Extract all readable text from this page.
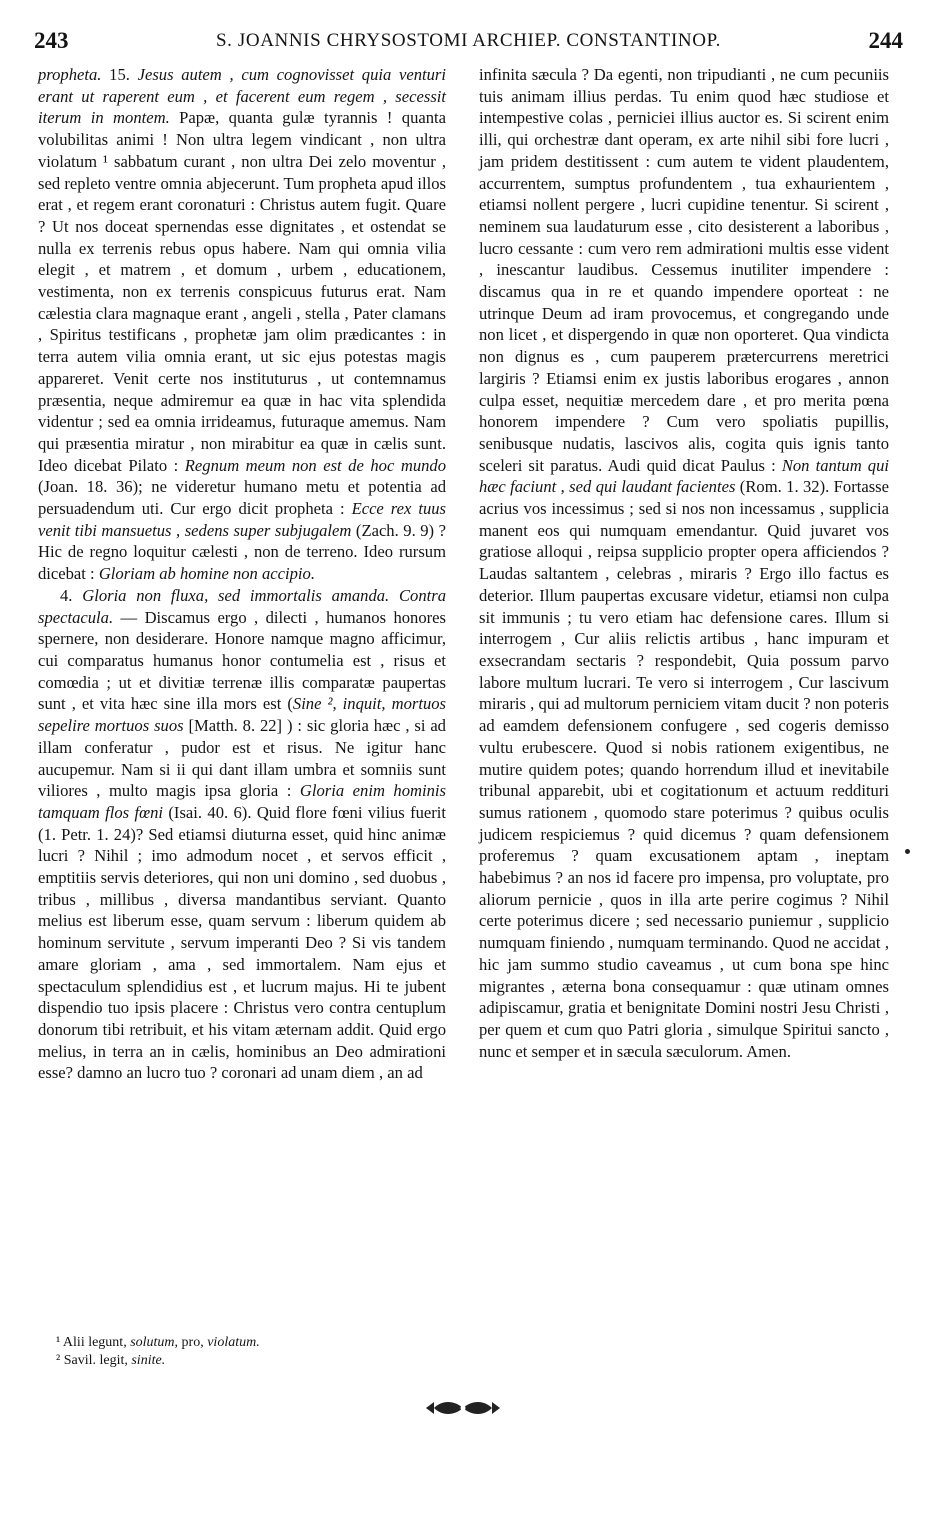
243	S. JOANNIS CHRYSOSTOMI ARCHIEP. CONSTANTINOP.	244

propheta. 15. Jesus autem , cum cognovisset quia venturi erant ut raperent eum , et facerent eum regem , secessit iterum in montem. Papæ, quanta gulæ tyrannis ! quanta volubilitas animi ! Non ultra legem vindicant , non ultra violatum ¹ sabbatum curant , non ultra Dei zelo moventur , sed repleto ventre omnia abjecerunt. Tum propheta apud illos erat , et regem erant coronaturi : Christus autem fugit. Quare ? Ut nos doceat spernendas esse dignitates , et ostendat se nulla ex terrenis rebus opus habere. Nam qui omnia vilia elegit , et matrem , et domum , urbem , educationem, vestimenta, non ex terrenis conspicuus futurus erat. Nam cælestia clara magnaque erant , angeli , stella , Pater clamans , Spiritus testificans , prophetæ jam olim prædicantes : in terra autem vilia omnia erant, ut sic ejus potestas magis appareret. Venit certe nos instituturus , ut contemnamus præsentia, neque admiremur ea quæ in hac vita splendida videntur ; sed ea omnia irrideamus, futuraque amemus. Nam qui præsentia miratur , non mirabitur ea quæ in cælis sunt. Ideo dicebat Pilato : Regnum meum non est de hoc mundo (Joan. 18. 36); ne videretur humano metu et potentia ad persuadendum uti. Cur ergo dicit propheta : Ecce rex tuus venit tibi mansuetus , sedens super subjugalem (Zach. 9. 9) ? Hic de regno loquitur cælesti , non de terreno. Ideo rursum dicebat : Gloriam ab homine non accipio.

4. Gloria non fluxa, sed immortalis amanda. Contra spectacula. — Discamus ergo , dilecti , humanos honores spernere, non desiderare. Honore namque magno afficimur, cui comparatus humanus honor contumelia est , risus et comœdia ; ut et divitiæ terrenæ illis comparatæ paupertas sunt , et vita hæc sine illa mors est (Sine ², inquit, mortuos sepelire mortuos suos [Matth. 8. 22] ) : sic gloria hæc , si ad illam conferatur , pudor est et risus. Ne igitur hanc aucupemur. Nam si ii qui dant illam umbra et somniis sunt viliores , multo magis ipsa gloria : Gloria enim hominis tamquam flos fœni (Isai. 40. 6). Quid flore fœni vilius fuerit (1. Petr. 1. 24)? Sed etiamsi diuturna esset, quid hinc animæ lucri ? Nihil ; imo admodum nocet , et servos efficit , emptitiis servis deteriores, qui non uni domino , sed duobus , tribus , millibus , diversa mandantibus serviant. Quanto melius est liberum esse, quam servum : liberum quidem ab hominum servitute , servum imperanti Deo ? Si vis tandem amare gloriam , ama , sed immortalem. Nam ejus et spectaculum splendidius est , et lucrum majus. Hi te jubent dispendio tuo ipsis placere : Christus vero contra centuplum donorum tibi retribuit, et his vitam æternam addit. Quid ergo melius, in terra an in cælis, hominibus an Deo admirationi esse? damno an lucro tuo ? coronari ad unam diem , an ad

infinita sæcula ? Da egenti, non tripudianti , ne cum pecuniis tuis animam illius perdas. Tu enim quod hæc studiose et intempestive colas , perniciei illius auctor es. Si scirent enim illi, qui orchestræ dant operam, ex arte nihil sibi fore lucri , jam pridem destitissent : cum autem te vident plaudentem, accurrentem, sumptus profundentem , tua exhaurientem , etiamsi nollent pergere , lucri cupidine tenentur. Si scirent , neminem sua laudaturum esse , cito desisterent a laboribus , lucro cessante : cum vero rem admirationi multis esse vident , inescantur laudibus. Cessemus inutiliter impendere : discamus qua in re et quando impendere oporteat : ne utrinque Deum ad iram provocemus, et congregando unde non licet , et dispergendo in quæ non oporteret. Qua vindicta non dignus es , cum pauperem prætercurrens meretrici largiris ? Etiamsi enim ex justis laboribus erogares , annon culpa esset, nequitiæ mercedem dare , et pro merita pœna honorem impendere ? Cum vero spoliatis pupillis, senibusque nudatis, lascivos alis, cogita quis ignis tanto sceleri sit paratus. Audi quid dicat Paulus : Non tantum qui hæc faciunt , sed qui laudant facientes (Rom. 1. 32). Fortasse acrius vos incessimus ; sed si nos non incessamus , supplicia manent eos qui numquam emendantur. Quid juvaret vos gratiose alloqui , reipsa supplicio propter opera afficiendos ? Laudas saltantem , celebras , miraris ? Ergo illo factus es deterior. Illum paupertas excusare videtur, etiamsi non culpa sit immunis ; tu vero etiam hac defensione cares. Illum si interrogem , Cur aliis relictis artibus , hanc impuram et exsecrandam sectaris ? respondebit, Quia possum parvo labore multum lucrari. Te vero si interrogem , Cur lascivum miraris , qui ad multorum perniciem vitam ducit ? non poteris ad eamdem defensionem confugere , sed cogeris demisso vultu erubescere. Quod si nobis rationem exigentibus, ne mutire quidem potes; quando horrendum illud et inevitabile tribunal apparebit, ubi et cogitationum et actuum reddituri sumus rationem , quomodo stare poterimus ? quibus oculis judicem respiciemus ? quid dicemus ? quam defensionem proferemus ? quam excusationem aptam , ineptam habebimus ? an nos id facere pro impensa, pro voluptate, pro aliorum pernicie , quos in illa arte perire cogimus ? Nihil certe poterimus dicere ; sed necessario puniemur , supplicio numquam finiendo , numquam terminando. Quod ne accidat , hic jam summo studio caveamus , ut cum bona spe hinc migrantes , æterna bona consequamur : quæ utinam omnes adipiscamur, gratia et benignitate Domini nostri Jesu Christi , per quem et cum quo Patri gloria , simulque Spiritui sancto , nunc et semper et in sæcula sæculorum. Amen.

¹ Alii legunt, solutum, pro, violatum.
² Savil. legit, sinite.
